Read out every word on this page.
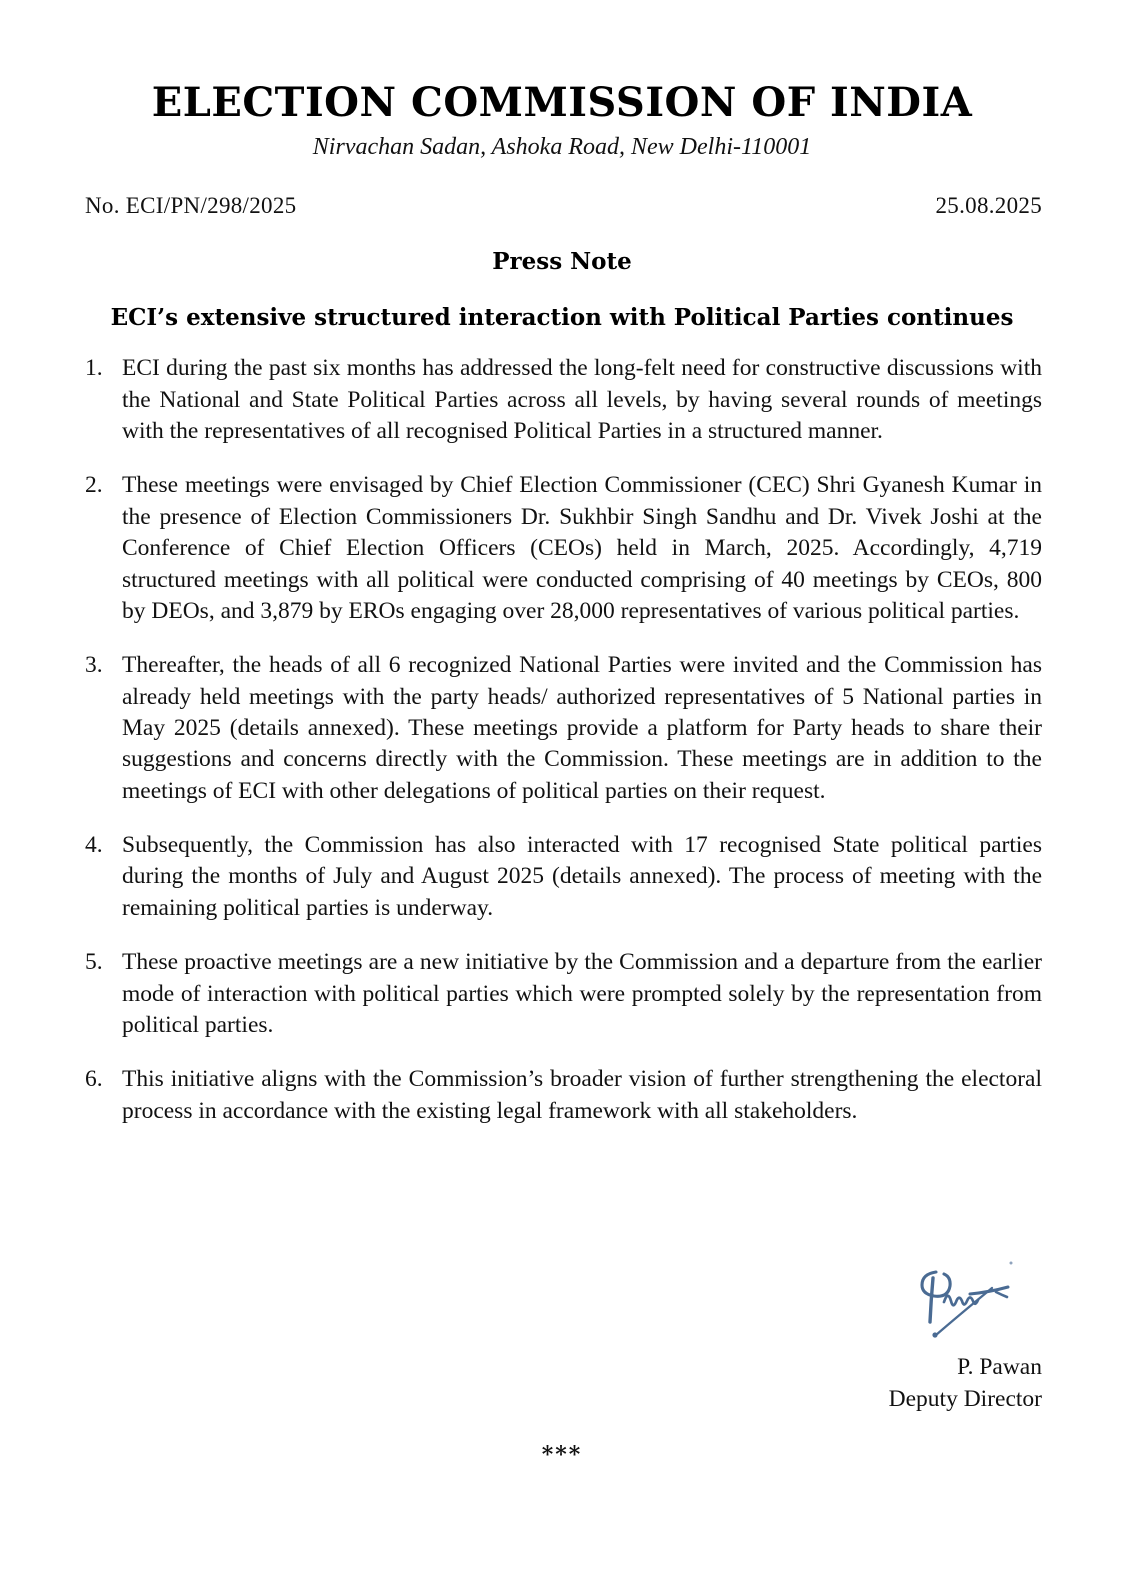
ELECTION COMMISSION OF INDIA
Nirvachan Sadan, Ashoka Road, New Delhi-110001
No. ECI/PN/298/2025	25.08.2025
Press Note
ECI’s extensive structured interaction with Political Parties continues
1. ECI during the past six months has addressed the long-felt need for constructive discussions with the National and State Political Parties across all levels, by having several rounds of meetings with the representatives of all recognised Political Parties in a structured manner.
2. These meetings were envisaged by Chief Election Commissioner (CEC) Shri Gyanesh Kumar in the presence of Election Commissioners Dr. Sukhbir Singh Sandhu and Dr. Vivek Joshi at the Conference of Chief Election Officers (CEOs) held in March, 2025. Accordingly, 4,719 structured meetings with all political were conducted comprising of 40 meetings by CEOs, 800 by DEOs, and 3,879 by EROs engaging over 28,000 representatives of various political parties.
3. Thereafter, the heads of all 6 recognized National Parties were invited and the Commission has already held meetings with the party heads/ authorized representatives of 5 National parties in May 2025 (details annexed). These meetings provide a platform for Party heads to share their suggestions and concerns directly with the Commission. These meetings are in addition to the meetings of ECI with other delegations of political parties on their request.
4. Subsequently, the Commission has also interacted with 17 recognised State political parties during the months of July and August 2025 (details annexed). The process of meeting with the remaining political parties is underway.
5. These proactive meetings are a new initiative by the Commission and a departure from the earlier mode of interaction with political parties which were prompted solely by the representation from political parties.
6. This initiative aligns with the Commission’s broader vision of further strengthening the electoral process in accordance with the existing legal framework with all stakeholders.
P. Pawan
Deputy Director
***
